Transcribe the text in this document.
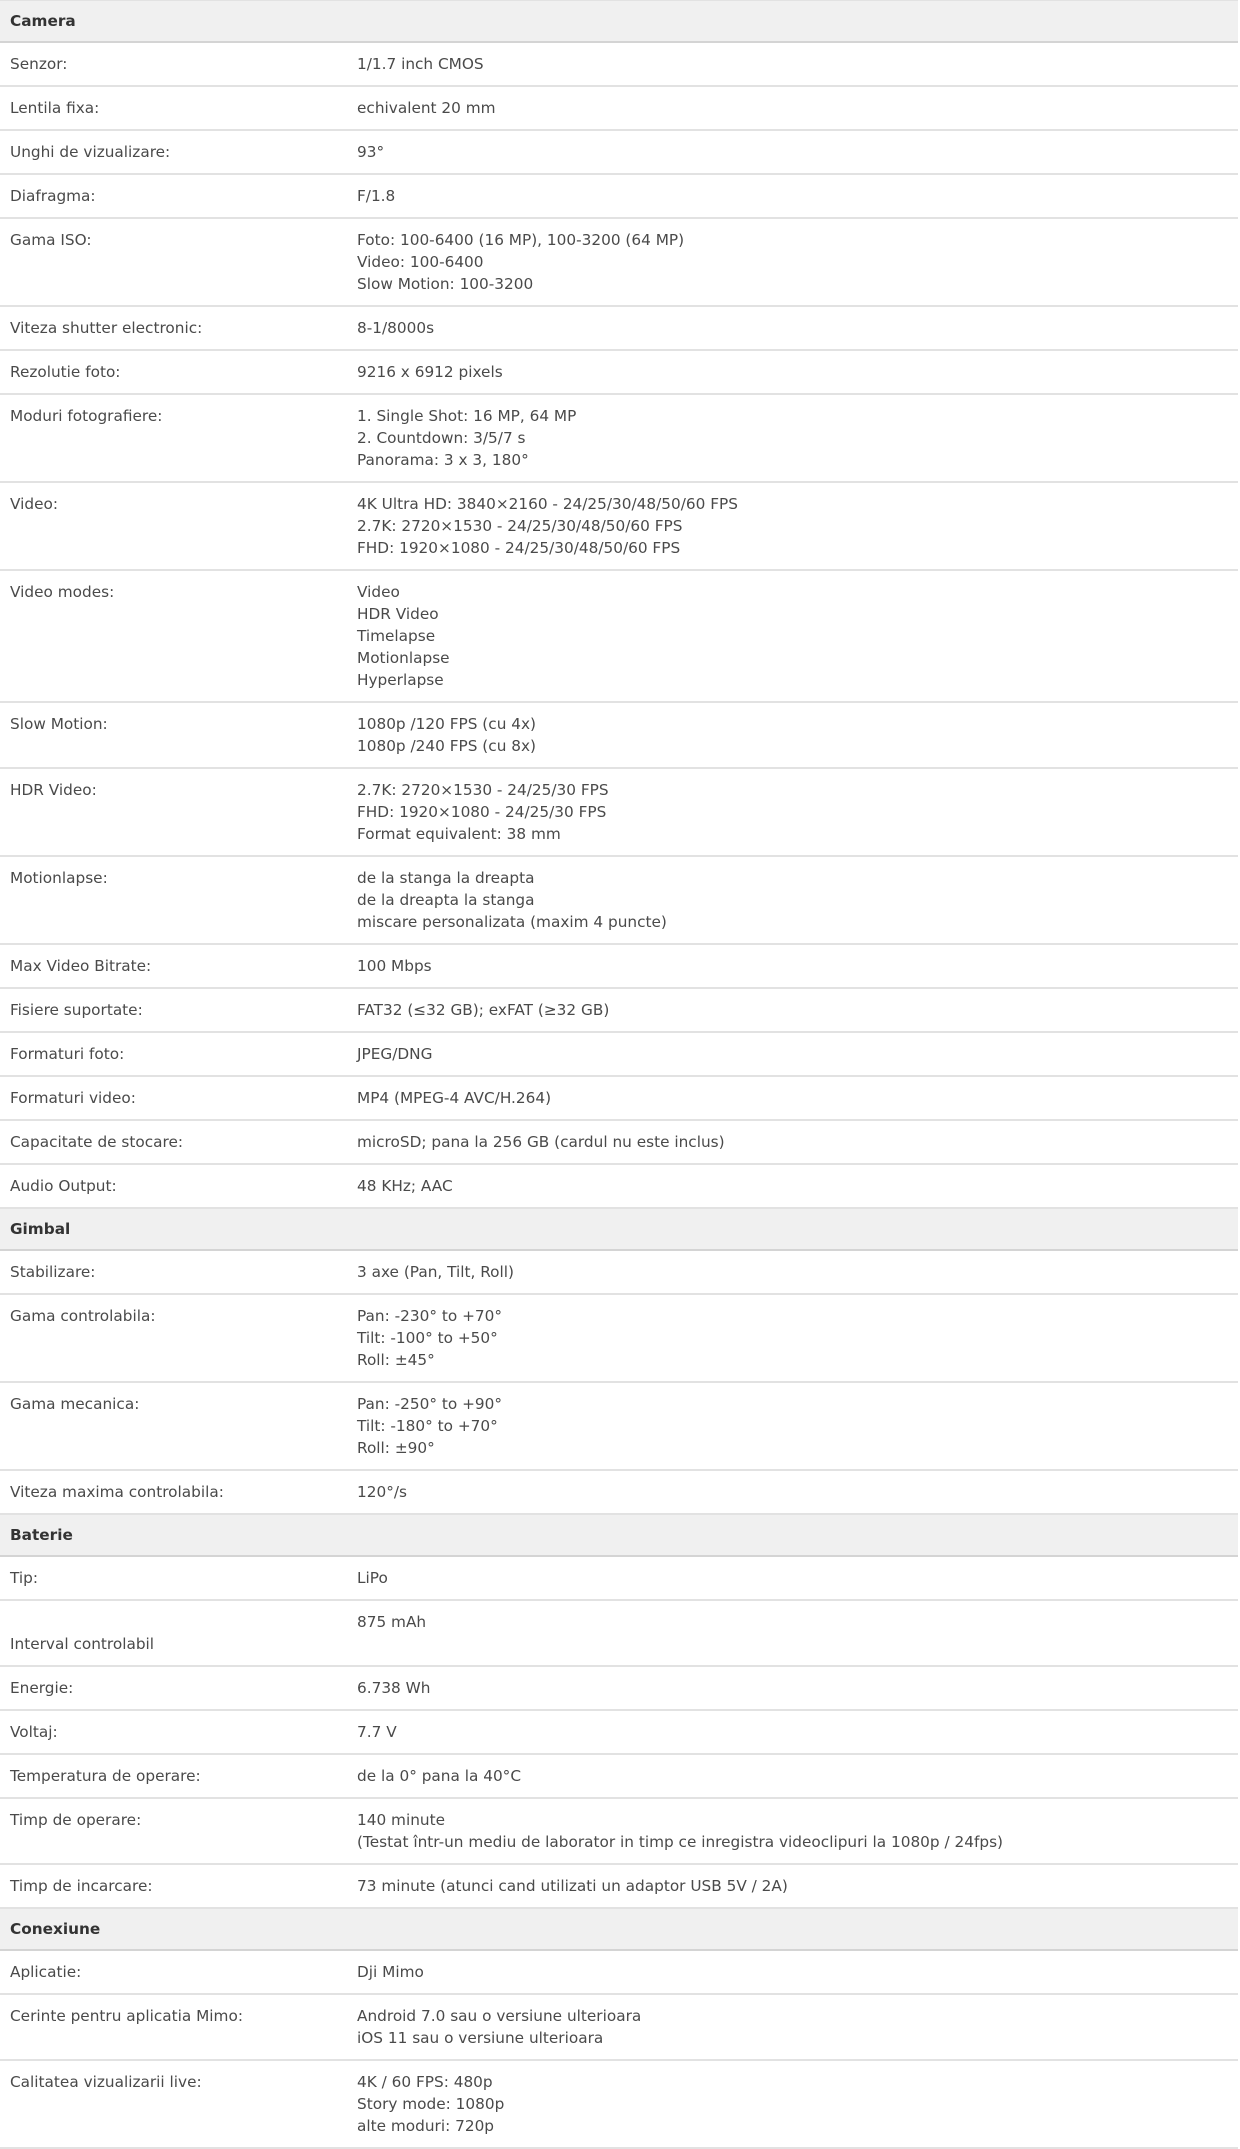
Camera	
Senzor:	1/1.7 inch CMOS

Lentila fixa:	echivalent 20 mm

Unghi de vizualizare:	93°

Diafragma:	F/1.8

Gama ISO:	Foto: 100-6400 (16 MP), 100-3200 (64 MP)
Video: 100-6400
Slow Motion: 100-3200

Viteza shutter electronic:	8-1/8000s

Rezolutie foto:	9216 x 6912 pixels

Moduri fotografiere:	1. Single Shot: 16 MP, 64 MP
2. Countdown: 3/5/7 s
Panorama: 3 x 3, 180°

Video:	4K Ultra HD: 3840×2160 - 24/25/30/48/50/60 FPS
2.7K: 2720×1530 - 24/25/30/48/50/60 FPS
FHD: 1920×1080 - 24/25/30/48/50/60 FPS

Video modes:	Video
HDR Video
Timelapse
Motionlapse
Hyperlapse

Slow Motion:	1080p /120 FPS (cu 4x)
1080p /240 FPS (cu 8x)

HDR Video:	2.7K: 2720×1530 - 24/25/30 FPS
FHD: 1920×1080 - 24/25/30 FPS
Format equivalent: 38 mm

Motionlapse:	de la stanga la dreapta
de la dreapta la stanga
miscare personalizata (maxim 4 puncte)

Max Video Bitrate:	100 Mbps

Fisiere suportate:	FAT32 (≤32 GB); exFAT (≥32 GB)

Formaturi foto:	JPEG/DNG

Formaturi video:	MP4 (MPEG-4 AVC/H.264)

Capacitate de stocare:	microSD; pana la 256 GB (cardul nu este inclus)

Audio Output:	48 KHz; AAC

Gimbal	
Stabilizare:	3 axe (Pan, Tilt, Roll)

Gama controlabila:	Pan: -230° to +70°
Tilt: -100° to +50°
Roll: ±45°

Gama mecanica:	Pan: -250° to +90°
Tilt: -180° to +70°
Roll: ±90°

Viteza maxima controlabila:	120°/s

Baterie	
Tip:	LiPo

Interval controlabil	875 mAh

Energie:	6.738 Wh

Voltaj:	7.7 V

Temperatura de operare:	de la 0° pana la 40°C

Timp de operare:	140 minute
(Testat într-un mediu de laborator in timp ce inregistra videoclipuri la 1080p / 24fps)

Timp de incarcare:	73 minute (atunci cand utilizati un adaptor USB 5V / 2A)

Conexiune	
Aplicatie:	Dji Mimo

Cerinte pentru aplicatia Mimo:	Android 7.0 sau o versiune ulterioara
iOS 11 sau o versiune ulterioara

Calitatea vizualizarii live:	4K / 60 FPS: 480p
Story mode: 1080p
alte moduri: 720p
